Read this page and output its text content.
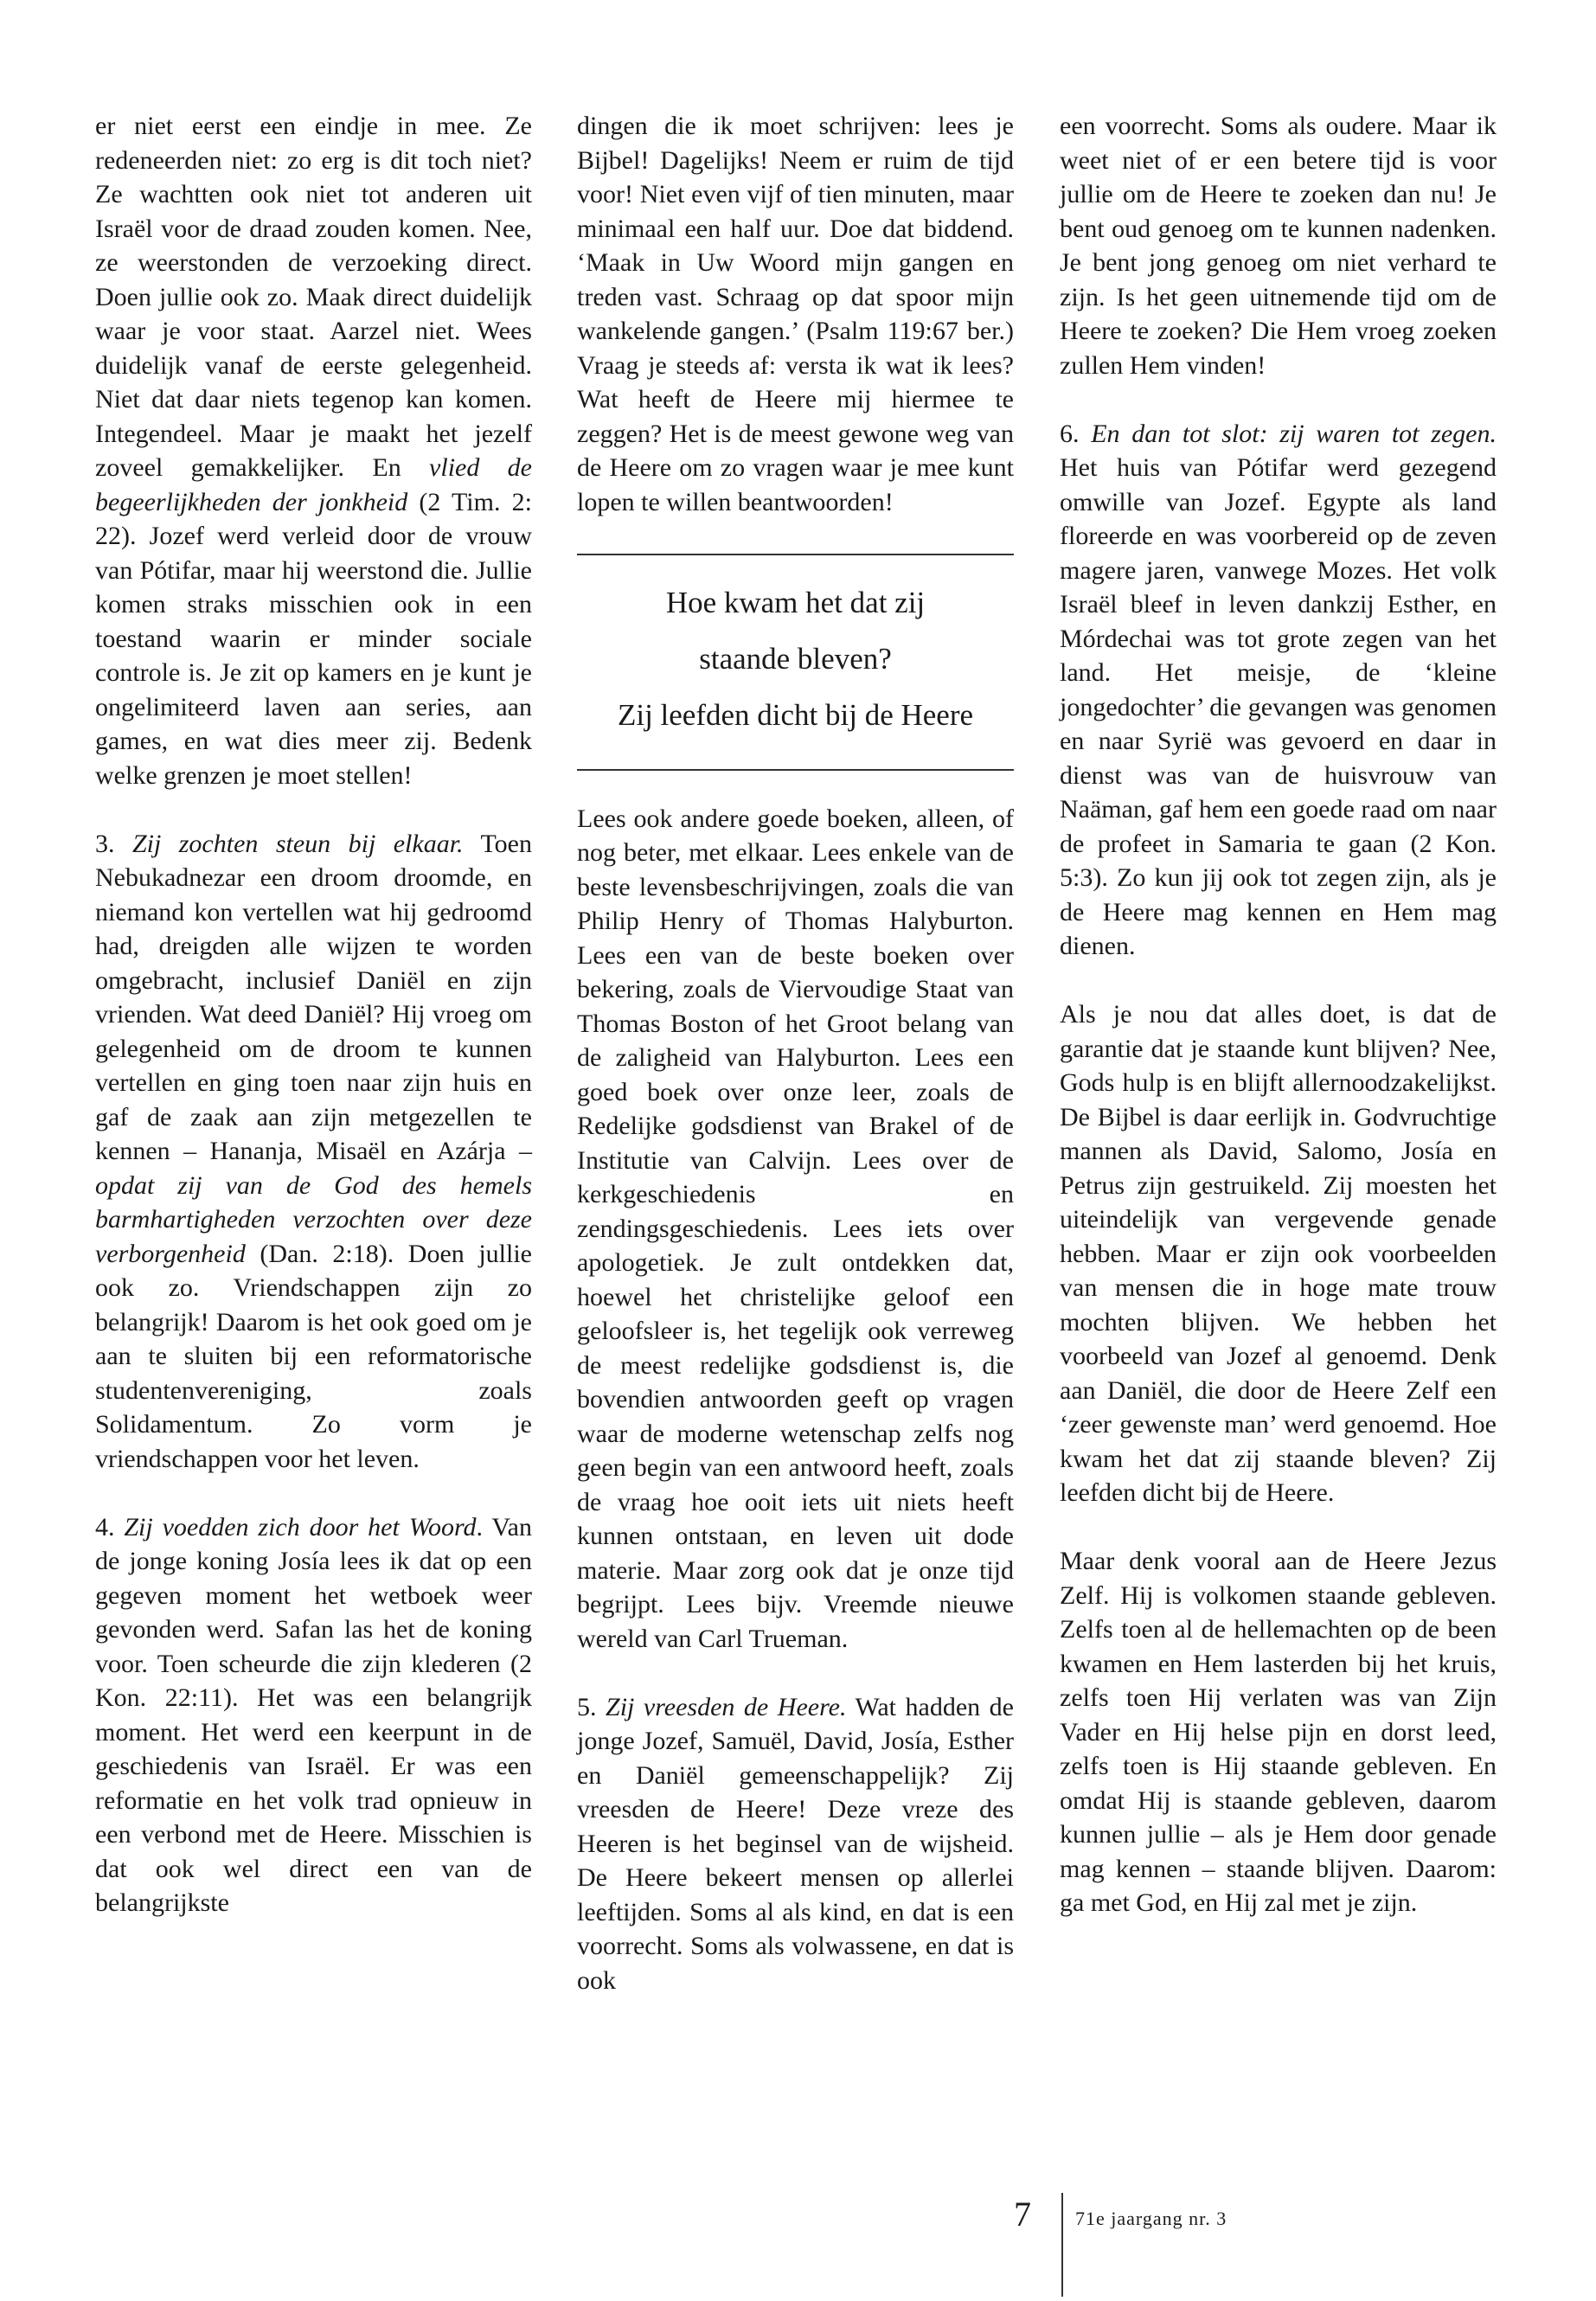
er niet eerst een eindje in mee. Ze redeneerden niet: zo erg is dit toch niet? Ze wachtten ook niet tot anderen uit Israël voor de draad zouden komen. Nee, ze weerstonden de verzoeking direct. Doen jullie ook zo. Maak direct duidelijk waar je voor staat. Aarzel niet. Wees duidelijk vanaf de eerste gelegenheid. Niet dat daar niets tegenop kan komen. Integendeel. Maar je maakt het jezelf zoveel gemakkelijker. En vlied de begeerlijkheden der jonkheid (2 Tim. 2: 22). Jozef werd verleid door de vrouw van Pótifar, maar hij weerstond die. Jullie komen straks misschien ook in een toestand waarin er minder sociale controle is. Je zit op kamers en je kunt je ongelimiteerd laven aan series, aan games, en wat dies meer zij. Bedenk welke grenzen je moet stellen!

3. Zij zochten steun bij elkaar. Toen Nebukadnezar een droom droomde, en niemand kon vertellen wat hij gedroomd had, dreigden alle wijzen te worden omgebracht, inclusief Daniël en zijn vrienden. Wat deed Daniël? Hij vroeg om gelegenheid om de droom te kunnen vertellen en ging toen naar zijn huis en gaf de zaak aan zijn metgezellen te kennen – Hananja, Misaël en Azárja – opdat zij van de God des hemels barmhartigheden verzochten over deze verborgenheid (Dan. 2:18). Doen jullie ook zo. Vriendschappen zijn zo belangrijk! Daarom is het ook goed om je aan te sluiten bij een reformatorische studentenvereniging, zoals Solidamentum. Zo vorm je vriendschappen voor het leven.

4. Zij voedden zich door het Woord. Van de jonge koning Josía lees ik dat op een gegeven moment het wetboek weer gevonden werd. Safan las het de koning voor. Toen scheurde die zijn klederen (2 Kon. 22:11). Het was een belangrijk moment. Het werd een keerpunt in de geschiedenis van Israël. Er was een reformatie en het volk trad opnieuw in een verbond met de Heere. Misschien is dat ook wel direct een van de belangrijkste

dingen die ik moet schrijven: lees je Bijbel! Dagelijks! Neem er ruim de tijd voor! Niet even vijf of tien minuten, maar minimaal een half uur. Doe dat biddend. ‘Maak in Uw Woord mijn gangen en treden vast. Schraag op dat spoor mijn wankelende gangen.’ (Psalm 119:67 ber.) Vraag je steeds af: versta ik wat ik lees? Wat heeft de Heere mij hiermee te zeggen? Het is de meest gewone weg van de Heere om zo vragen waar je mee kunt lopen te willen beantwoorden!

Hoe kwam het dat zij
staande bleven?
Zij leefden dicht bij de Heere

Lees ook andere goede boeken, alleen, of nog beter, met elkaar. Lees enkele van de beste levensbeschrijvingen, zoals die van Philip Henry of Thomas Halyburton. Lees een van de beste boeken over bekering, zoals de Viervoudige Staat van Thomas Boston of het Groot belang van de zaligheid van Halyburton. Lees een goed boek over onze leer, zoals de Redelijke godsdienst van Brakel of de Institutie van Calvijn. Lees over de kerkgeschiedenis en zendingsgeschiedenis. Lees iets over apologetiek. Je zult ontdekken dat, hoewel het christelijke geloof een geloofsleer is, het tegelijk ook verreweg de meest redelijke godsdienst is, die bovendien antwoorden geeft op vragen waar de moderne wetenschap zelfs nog geen begin van een antwoord heeft, zoals de vraag hoe ooit iets uit niets heeft kunnen ontstaan, en leven uit dode materie. Maar zorg ook dat je onze tijd begrijpt. Lees bijv. Vreemde nieuwe wereld van Carl Trueman.

5. Zij vreesden de Heere. Wat hadden de jonge Jozef, Samuël, David, Josía, Esther en Daniël gemeenschappelijk? Zij vreesden de Heere! Deze vreze des Heeren is het beginsel van de wijsheid. De Heere bekeert mensen op allerlei leeftijden. Soms al als kind, en dat is een voorrecht. Soms als volwassene, en dat is ook

een voorrecht. Soms als oudere. Maar ik weet niet of er een betere tijd is voor jullie om de Heere te zoeken dan nu! Je bent oud genoeg om te kunnen nadenken. Je bent jong genoeg om niet verhard te zijn. Is het geen uitnemende tijd om de Heere te zoeken? Die Hem vroeg zoeken zullen Hem vinden!

6. En dan tot slot: zij waren tot zegen. Het huis van Pótifar werd gezegend omwille van Jozef. Egypte als land floreerde en was voorbereid op de zeven magere jaren, vanwege Mozes. Het volk Israël bleef in leven dankzij Esther, en Mórdechai was tot grote zegen van het land. Het meisje, de ‘kleine jongedochter’ die gevangen was genomen en naar Syrië was gevoerd en daar in dienst was van de huisvrouw van Naäman, gaf hem een goede raad om naar de profeet in Samaria te gaan (2 Kon. 5:3). Zo kun jij ook tot zegen zijn, als je de Heere mag kennen en Hem mag dienen.

Als je nou dat alles doet, is dat de garantie dat je staande kunt blijven? Nee, Gods hulp is en blijft allernoodzakelijkst. De Bijbel is daar eerlijk in. Godvruchtige mannen als David, Salomo, Josía en Petrus zijn gestruikeld. Zij moesten het uiteindelijk van vergevende genade hebben. Maar er zijn ook voorbeelden van mensen die in hoge mate trouw mochten blijven. We hebben het voorbeeld van Jozef al genoemd. Denk aan Daniël, die door de Heere Zelf een ‘zeer gewenste man’ werd genoemd. Hoe kwam het dat zij staande bleven? Zij leefden dicht bij de Heere.

Maar denk vooral aan de Heere Jezus Zelf. Hij is volkomen staande gebleven. Zelfs toen al de hellemachten op de been kwamen en Hem lasterden bij het kruis, zelfs toen Hij verlaten was van Zijn Vader en Hij helse pijn en dorst leed, zelfs toen is Hij staande gebleven. En omdat Hij is staande gebleven, daarom kunnen jullie – als je Hem door genade mag kennen – staande blijven. Daarom: ga met God, en Hij zal met je zijn.

7 71e jaargang nr. 3
